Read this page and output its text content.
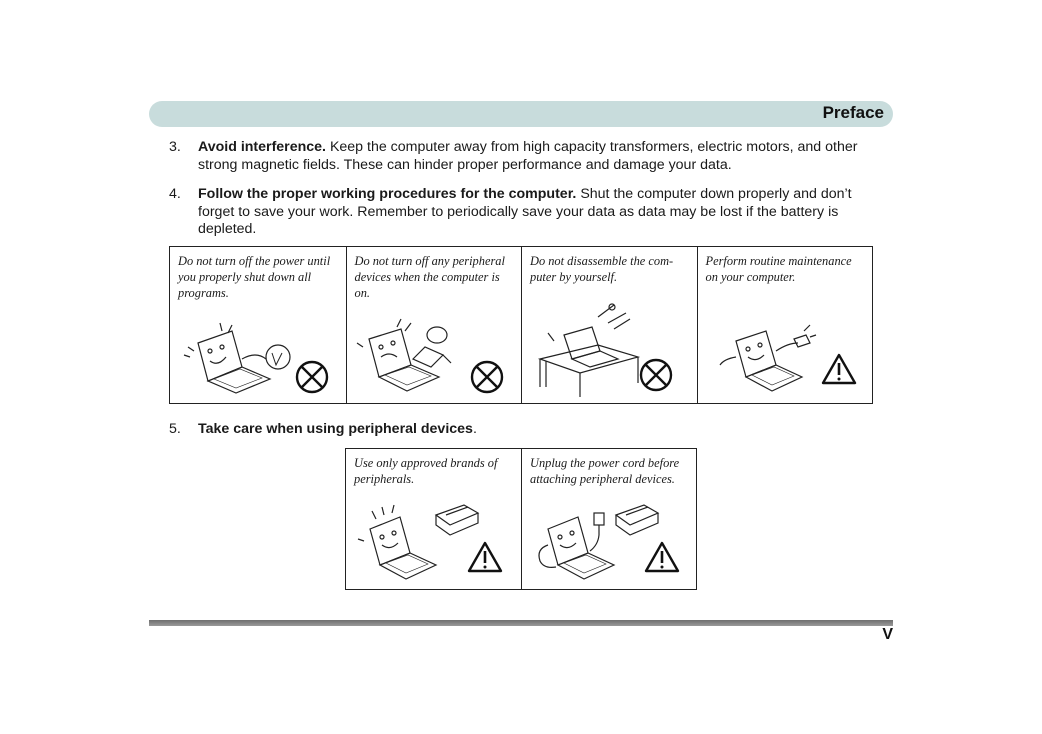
Preface
3. Avoid interference. Keep the computer away from high capacity transformers, electric motors, and other strong magnetic fields. These can hinder proper performance and damage your data.
4. Follow the proper working procedures for the computer. Shut the computer down properly and don’t forget to save your work. Remember to periodically save your data as data may be lost if the battery is depleted.
Do not turn off the power until you properly shut down all programs.
Do not turn off any peripheral devices when the computer is on.
Do not disassemble the com-puter by yourself.
Perform routine maintenance on your computer.
5. Take care when using peripheral devices.
Use only approved brands of peripherals.
Unplug the power cord before attaching peripheral devices.
V
